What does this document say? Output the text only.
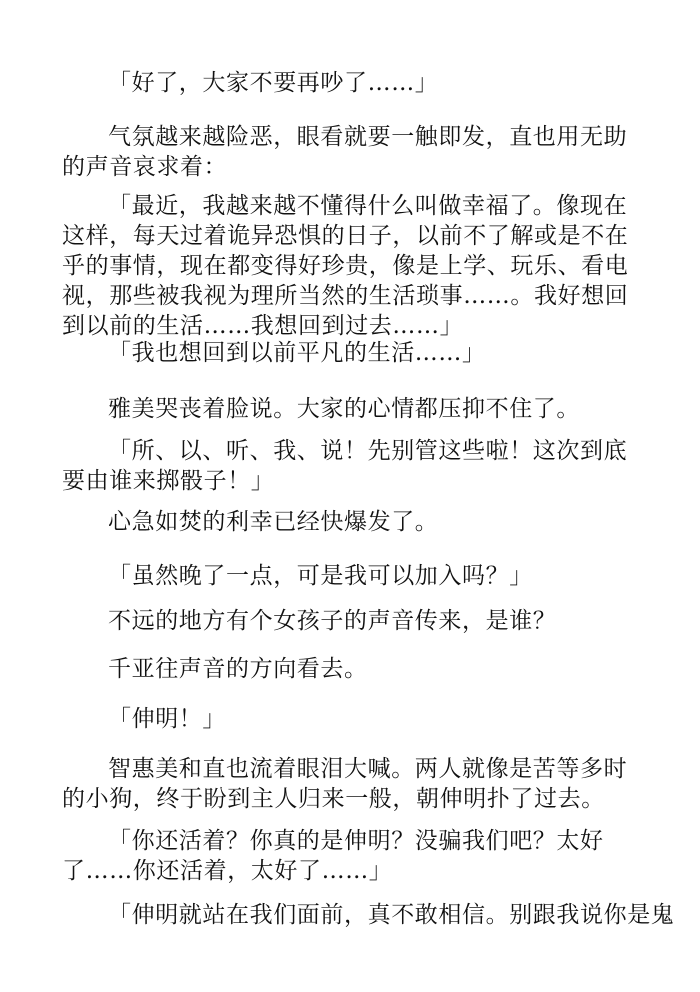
「好了，大家不要再吵了……」

气氛越来越险恶，眼看就要一触即发，直也用无助的声音哀求着：

「最近，我越来越不懂得什么叫做幸福了。像现在这样，每天过着诡异恐惧的日子，以前不了解或是不在乎的事情，现在都变得好珍贵，像是上学、玩乐、看电视，那些被我视为理所当然的生活琐事……。我好想回到以前的生活……我想回到过去……」

「我也想回到以前平凡的生活……」

雅美哭丧着脸说。大家的心情都压抑不住了。

「所、以、听、我、说！先别管这些啦！这次到底要由谁来掷骰子！」

心急如焚的利幸已经快爆发了。

「虽然晚了一点，可是我可以加入吗？」

不远的地方有个女孩子的声音传来，是谁？

千亚往声音的方向看去。

「伸明！」

智惠美和直也流着眼泪大喊。两人就像是苦等多时的小狗，终于盼到主人归来一般，朝伸明扑了过去。

「你还活着？你真的是伸明？没骗我们吧？太好了……你还活着，太好了……」

「伸明就站在我们面前，真不敢相信。别跟我说你是鬼
